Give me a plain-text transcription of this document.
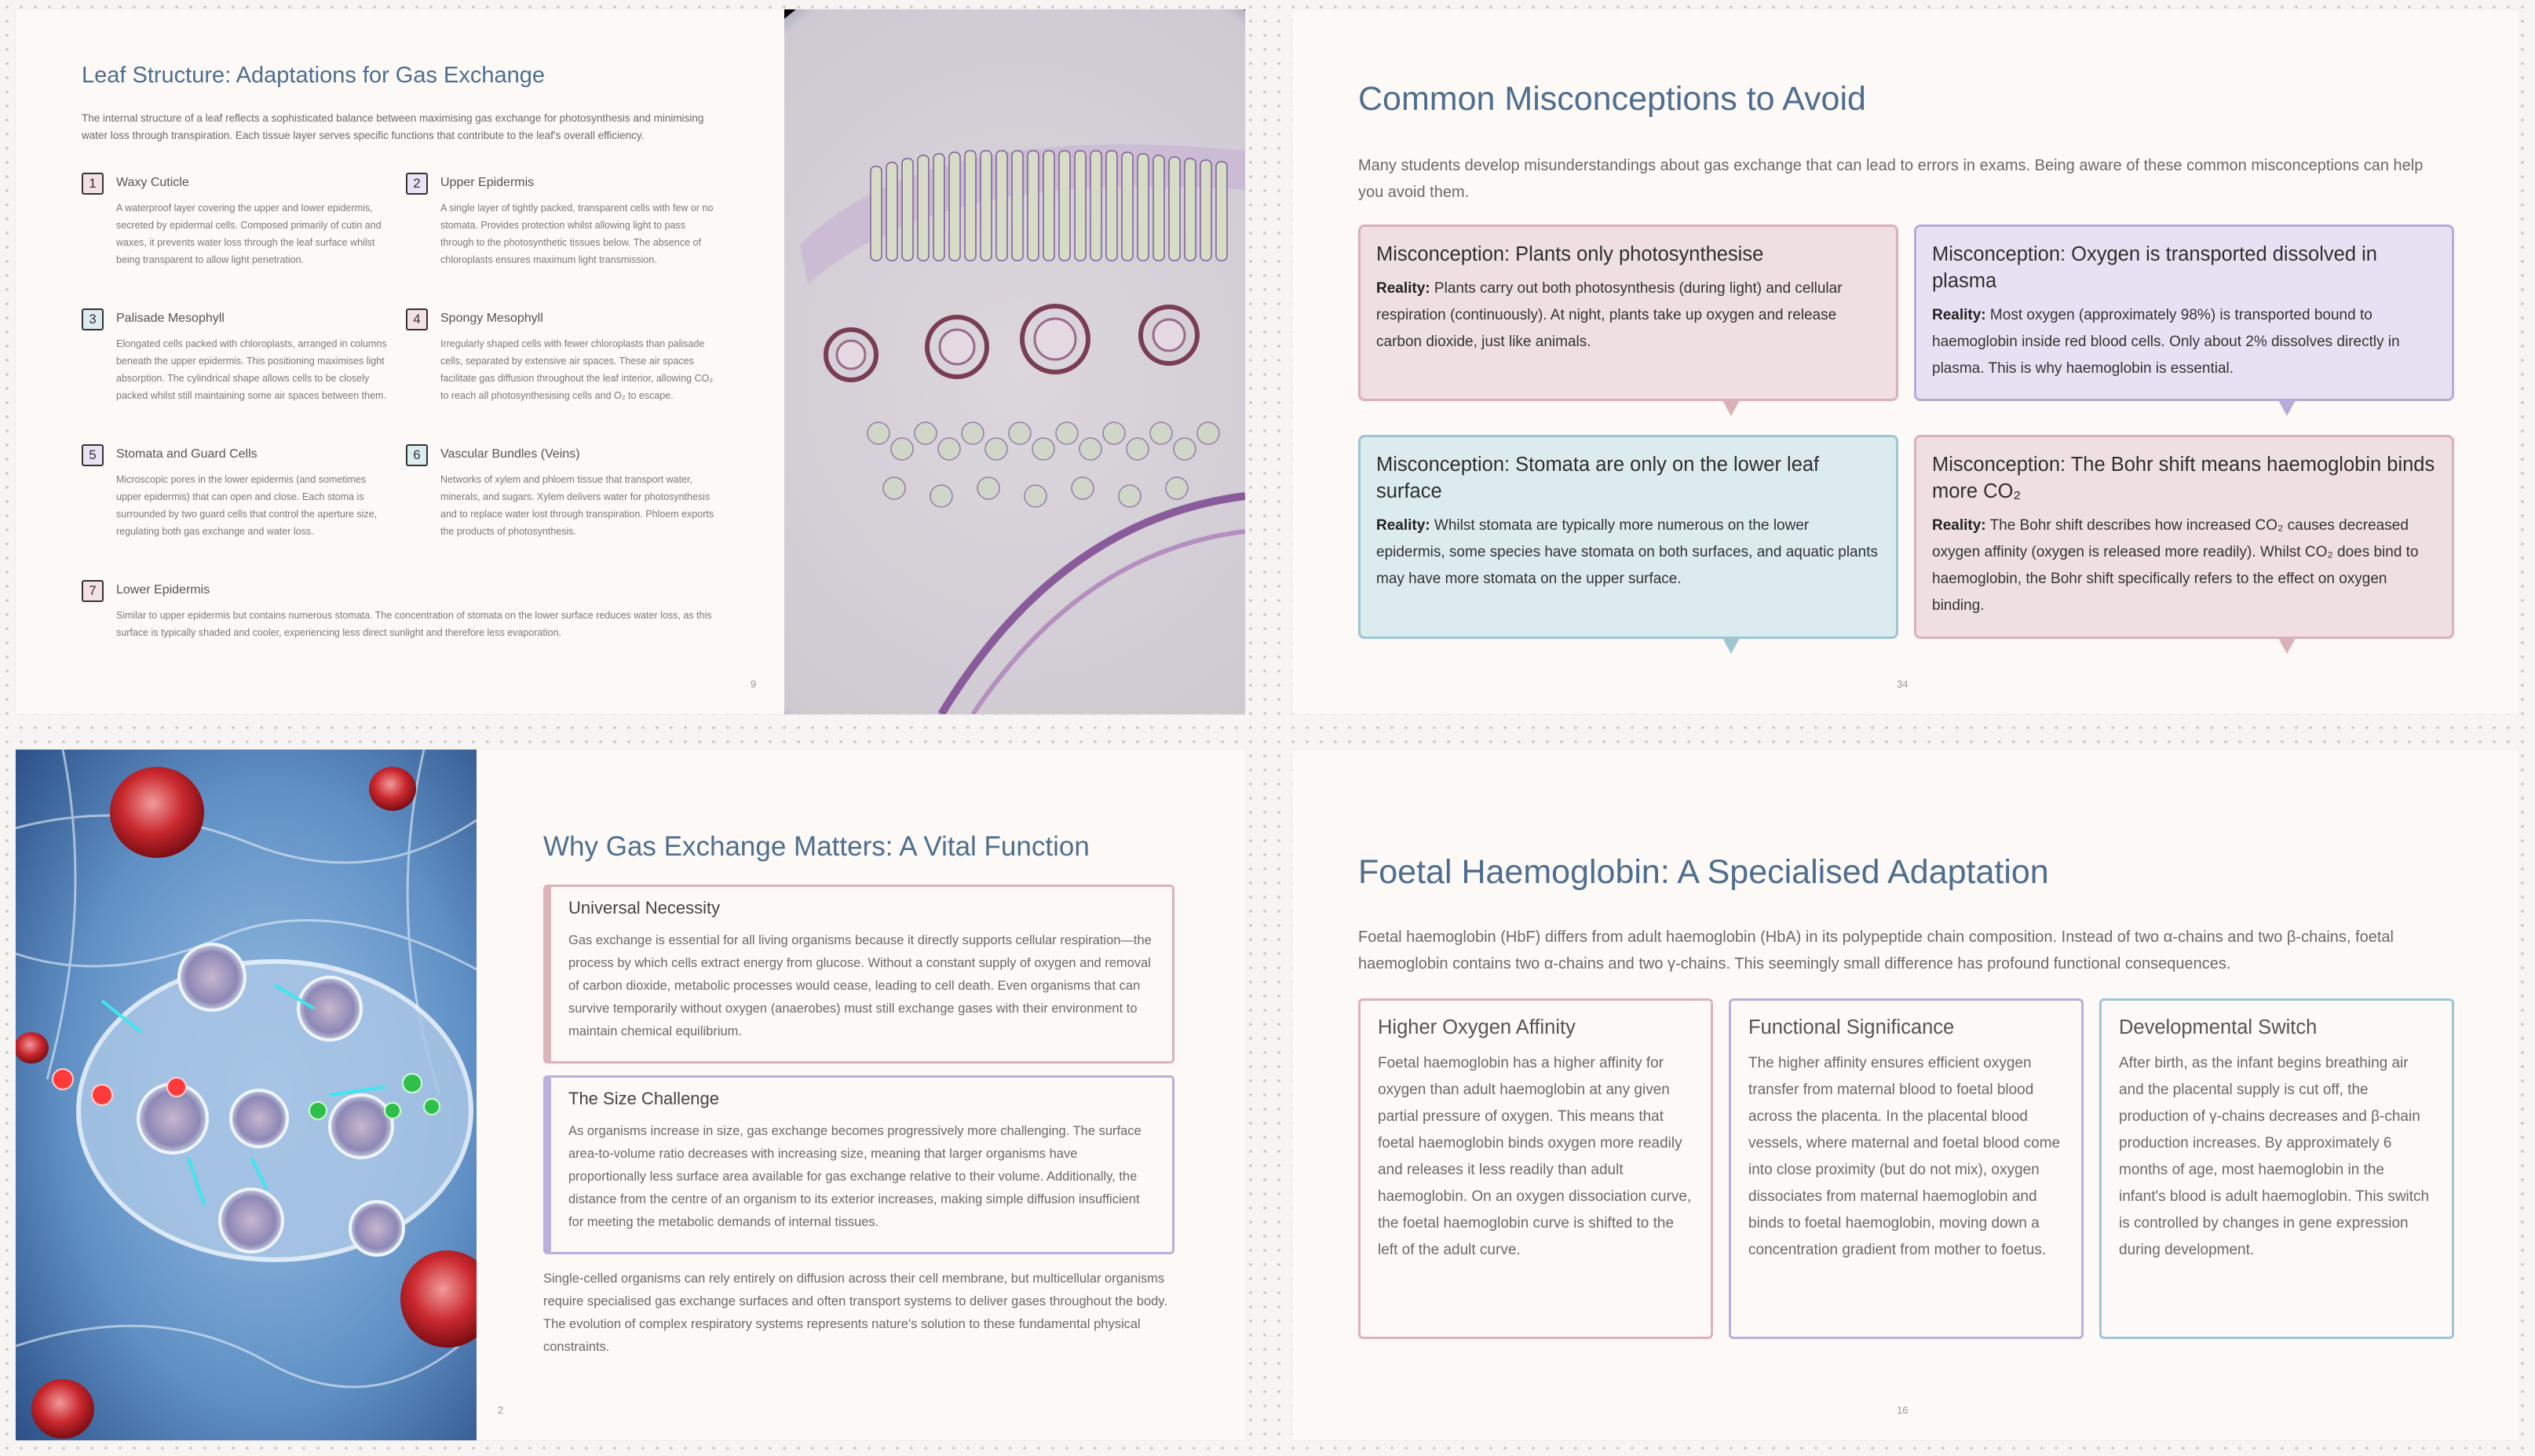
Leaf Structure: Adaptations for Gas Exchange

The internal structure of a leaf reflects a sophisticated balance between maximising gas exchange for photosynthesis and minimising water loss through transpiration. Each tissue layer serves specific functions that contribute to the leaf's overall efficiency.

1	Waxy Cuticle

A waterproof layer covering the upper and lower epidermis, secreted by epidermal cells. Composed primarily of cutin and waxes, it prevents water loss through the leaf surface whilst being transparent to allow light penetration.

2	Upper Epidermis

A single layer of tightly packed, transparent cells with few or no stomata. Provides protection whilst allowing light to pass through to the photosynthetic tissues below. The absence of chloroplasts ensures maximum light transmission.

3	Palisade Mesophyll

Elongated cells packed with chloroplasts, arranged in columns beneath the upper epidermis. This positioning maximises light absorption. The cylindrical shape allows cells to be closely packed whilst still maintaining some air spaces between them.

4	Spongy Mesophyll

Irregularly shaped cells with fewer chloroplasts than palisade cells, separated by extensive air spaces. These air spaces facilitate gas diffusion throughout the leaf interior, allowing CO₂ to reach all photosynthesising cells and O₂ to escape.

5	Stomata and Guard Cells

Microscopic pores in the lower epidermis (and sometimes upper epidermis) that can open and close. Each stoma is surrounded by two guard cells that control the aperture size, regulating both gas exchange and water loss.

6	Vascular Bundles (Veins)

Networks of xylem and phloem tissue that transport water, minerals, and sugars. Xylem delivers water for photosynthesis and to replace water lost through transpiration. Phloem exports the products of photosynthesis.

7	Lower Epidermis

Similar to upper epidermis but contains numerous stomata. The concentration of stomata on the lower surface reduces water loss, as this surface is typically shaded and cooler, experiencing less direct sunlight and therefore less evaporation.

9
Common Misconceptions to Avoid

Many students develop misunderstandings about gas exchange that can lead to errors in exams. Being aware of these common misconceptions can help you avoid them.

Misconception: Plants only photosynthesise

Reality: Plants carry out both photosynthesis (during light) and cellular respiration (continuously). At night, plants take up oxygen and release carbon dioxide, just like animals.

Misconception: Oxygen is transported dissolved in plasma

Reality: Most oxygen (approximately 98%) is transported bound to haemoglobin inside red blood cells. Only about 2% dissolves directly in plasma. This is why haemoglobin is essential.

Misconception: Stomata are only on the lower leaf surface

Reality: Whilst stomata are typically more numerous on the lower epidermis, some species have stomata on both surfaces, and aquatic plants may have more stomata on the upper surface.

Misconception: The Bohr shift means haemoglobin binds more CO₂

Reality: The Bohr shift describes how increased CO₂ causes decreased oxygen affinity (oxygen is released more readily). Whilst CO₂ does bind to haemoglobin, the Bohr shift specifically refers to the effect on oxygen binding.

34
Why Gas Exchange Matters: A Vital Function

Universal Necessity

Gas exchange is essential for all living organisms because it directly supports cellular respiration—the process by which cells extract energy from glucose. Without a constant supply of oxygen and removal of carbon dioxide, metabolic processes would cease, leading to cell death. Even organisms that can survive temporarily without oxygen (anaerobes) must still exchange gases with their environment to maintain chemical equilibrium.

The Size Challenge

As organisms increase in size, gas exchange becomes progressively more challenging. The surface area-to-volume ratio decreases with increasing size, meaning that larger organisms have proportionally less surface area available for gas exchange relative to their volume. Additionally, the distance from the centre of an organism to its exterior increases, making simple diffusion insufficient for meeting the metabolic demands of internal tissues.

Single-celled organisms can rely entirely on diffusion across their cell membrane, but multicellular organisms require specialised gas exchange surfaces and often transport systems to deliver gases throughout the body. The evolution of complex respiratory systems represents nature's solution to these fundamental physical constraints.

2
Foetal Haemoglobin: A Specialised Adaptation

Foetal haemoglobin (HbF) differs from adult haemoglobin (HbA) in its polypeptide chain composition. Instead of two α-chains and two β-chains, foetal haemoglobin contains two α-chains and two γ-chains. This seemingly small difference has profound functional consequences.

Higher Oxygen Affinity

Foetal haemoglobin has a higher affinity for oxygen than adult haemoglobin at any given partial pressure of oxygen. This means that foetal haemoglobin binds oxygen more readily and releases it less readily than adult haemoglobin. On an oxygen dissociation curve, the foetal haemoglobin curve is shifted to the left of the adult curve.

Functional Significance

The higher affinity ensures efficient oxygen transfer from maternal blood to foetal blood across the placenta. In the placental blood vessels, where maternal and foetal blood come into close proximity (but do not mix), oxygen dissociates from maternal haemoglobin and binds to foetal haemoglobin, moving down a concentration gradient from mother to foetus.

Developmental Switch

After birth, as the infant begins breathing air and the placental supply is cut off, the production of γ-chains decreases and β-chain production increases. By approximately 6 months of age, most haemoglobin in the infant's blood is adult haemoglobin. This switch is controlled by changes in gene expression during development.

16
